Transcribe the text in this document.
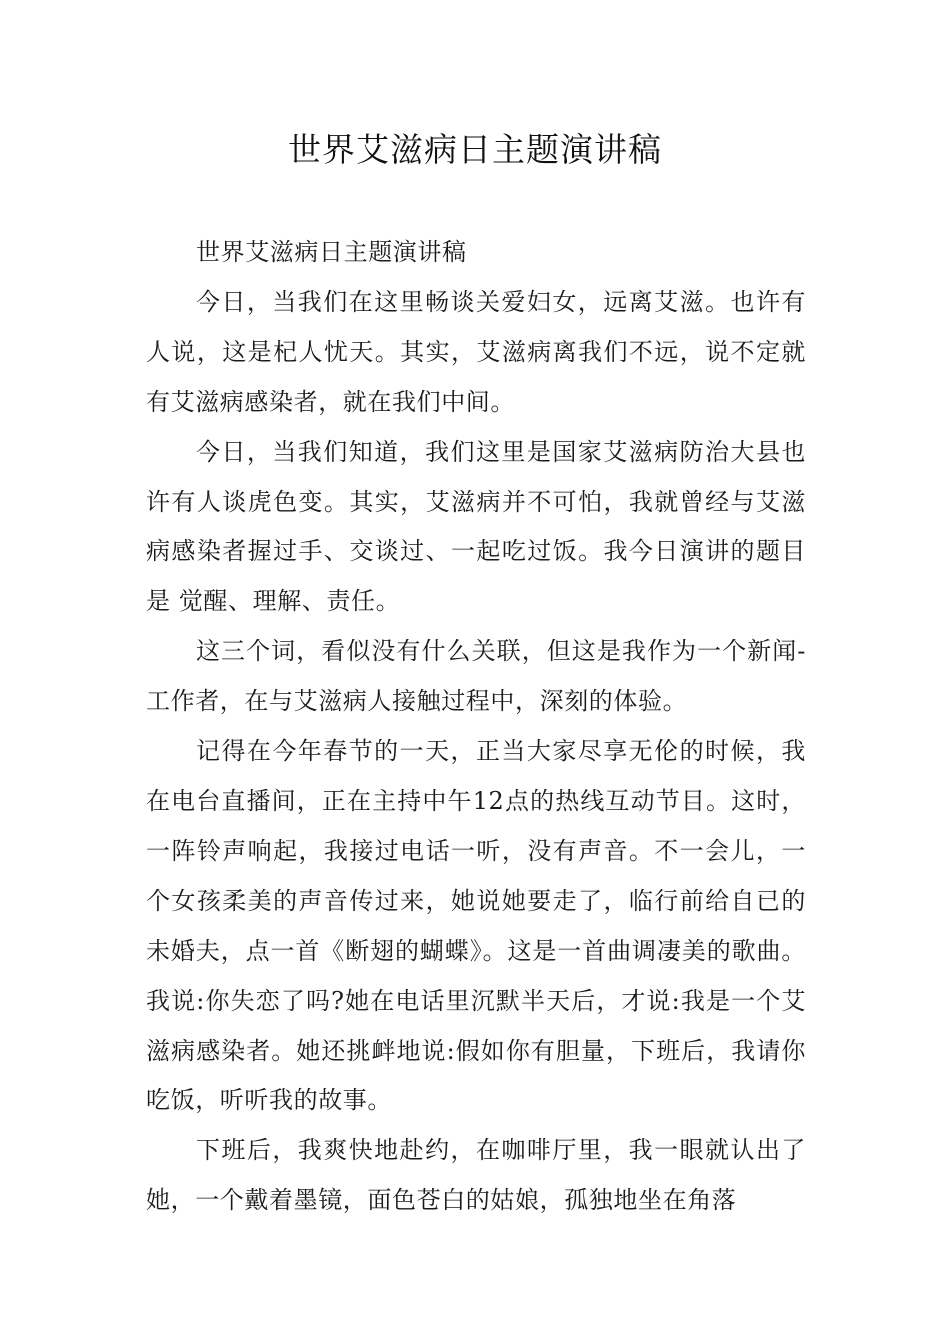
世界艾滋病日主题演讲稿

世界艾滋病日主题演讲稿

今日，当我们在这里畅谈关爱妇女，远离艾滋。也许有人说，这是杞人忧天。其实，艾滋病离我们不远，说不定就有艾滋病感染者，就在我们中间。

今日，当我们知道，我们这里是国家艾滋病防治大县也许有人谈虎色变。其实，艾滋病并不可怕，我就曾经与艾滋病感染者握过手、交谈过、一起吃过饭。我今日演讲的题目是 觉醒、理解、责任。

这三个词，看似没有什么关联，但这是我作为一个新闻-工作者，在与艾滋病人接触过程中，深刻的体验。

记得在今年春节的一天，正当大家尽享无伦的时候，我在电台直播间，正在主持中午12点的热线互动节目。这时，一阵铃声响起，我接过电话一听，没有声音。不一会儿，一个女孩柔美的声音传过来，她说她要走了，临行前给自已的未婚夫，点一首《断翅的蝴蝶》。这是一首曲调凄美的歌曲。我说:你失恋了吗?她在电话里沉默半天后，才说:我是一个艾滋病感染者。她还挑衅地说:假如你有胆量，下班后，我请你吃饭，听听我的故事。

下班后，我爽快地赴约，在咖啡厅里，我一眼就认出了她，一个戴着墨镜，面色苍白的姑娘，孤独地坐在角落
